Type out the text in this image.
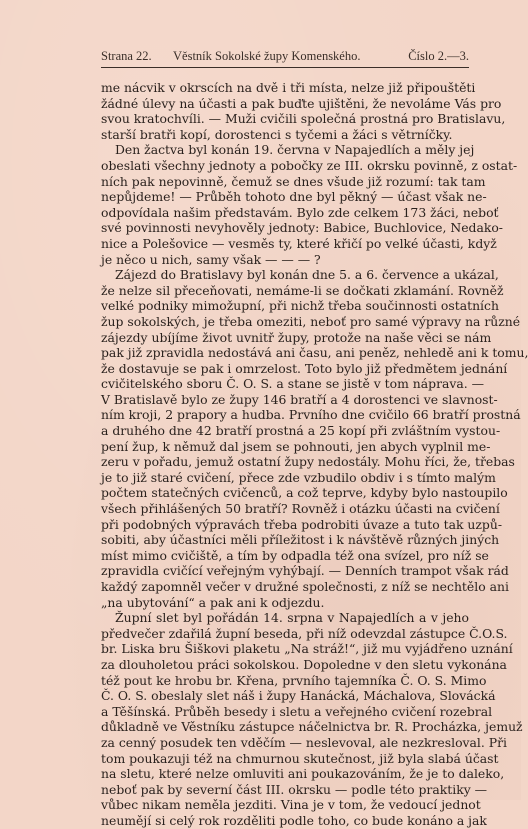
Strana 22. Věstník Sokolské župy Komenského.	Číslo 2.—3.
me nácvik v okrscích na dvě i tři místa, nelze již připouštěti
žádné úlevy na účasti a pak buďte ujištěni, že nevoláme Vás pro
svou kratochvíli. — Muži cvičili společná prostná pro Bratislavu,
starší bratři kopí, dorostenci s tyčemi a žáci s větrníčky.
Den žactva byl konán 19. června v Napajedlích a měly jej
obeslati všechny jednoty a pobočky ze III. okrsku povinně, z ostat-
ních pak nepovinně, čemuž se dnes všude již rozumí: tak tam
nepůjdeme! — Průběh tohoto dne byl pěkný — účast však ne-
odpovídala našim představám. Bylo zde celkem 173 žáci, neboť
své povinnosti nevyhověly jednoty: Babice, Buchlovice, Nedako-
nice a Polešovice — vesměs ty, které křičí po velké účasti, když
je něco u nich, samy však — — — ?
Zájezd do Bratislavy byl konán dne 5. a 6. července a ukázal,
že nelze sil přeceňovati, nemáme-li se dočkati zklamání. Rovněž
velké podniky mimožupní, při nichž třeba součinnosti ostatních
žup sokolských, je třeba omeziti, neboť pro samé výpravy na různé
zájezdy ubíjíme život uvnitř župy, protože na naše věci se nám
pak již zpravidla nedostává ani času, ani peněz, nehledě ani k tomu,
že dostavuje se pak i omrzelost. Toto bylo již předmětem jednání
cvičitelského sboru Č. O. S. a stane se jistě v tom náprava. —
V Bratislavě bylo ze župy 146 bratří a 4 dorostenci ve slavnost-
ním kroji, 2 prapory a hudba. Prvního dne cvičilo 66 bratří prostná
a druhého dne 42 bratří prostná a 25 kopí při zvláštním vystou-
pení žup, k němuž dal jsem se pohnouti, jen abych vyplnil me-
zeru v pořadu, jemuž ostatní župy nedostály. Mohu říci, že, třebas
je to již staré cvičení, přece zde vzbudilo obdiv i s tímto malým
počtem statečných cvičenců, a což teprve, kdyby bylo nastoupilo
všech přihlášených 50 bratří? Rovněž i otázku účasti na cvičení
při podobných výpravách třeba podrobiti úvaze a tuto tak uzpů-
sobiti, aby účastníci měli příležitost i k návštěvě různých jiných
míst mimo cvičiště, a tím by odpadla též ona svízel, pro níž se
zpravidla cvičící veřejným vyhýbají. — Denních trampot však rád
každý zapomněl večer v družné společnosti, z níž se nechtělo ani
„na ubytování“ a pak ani k odjezdu.
Župní slet byl pořádán 14. srpna v Napajedlích a v jeho
předvečer zdařilá župní beseda, při níž odevzdal zástupce Č.O.S.
br. Liska bru Šiškovi plaketu „Na stráž!“, již mu vyjádřeno uznání
za dlouholetou práci sokolskou. Dopoledne v den sletu vykonána
též pout ke hrobu br. Křena, prvního tajemníka Č. O. S. Mimo
Č. O. S. obeslaly slet náš i župy Hanácká, Máchalova, Slovácká
a Těšínská. Průběh besedy i sletu a veřejného cvičení rozebral
důkladně ve Věstníku zástupce náčelnictva br. R. Procházka, jemuž
za cenný posudek ten vděčím — neslevoval, ale nezkresloval. Při
tom poukazuji též na chmurnou skutečnost, již byla slabá účast
na sletu, které nelze omluviti ani poukazováním, že je to daleko,
neboť pak by severní část III. okrsku — podle této praktiky —
vůbec nikam neměla jezditi. Vina je v tom, že vedoucí jednot
neumějí si celý rok rozděliti podle toho, co bude konáno a jak
